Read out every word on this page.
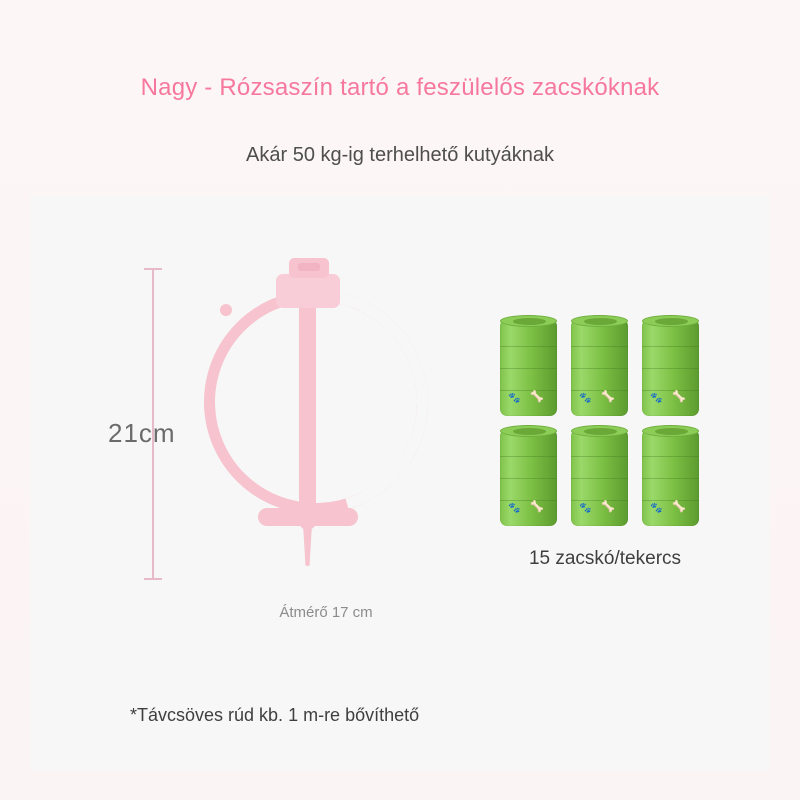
Nagy - Rózsaszín tartó a feszülelős zacskóknak
Akár 50 kg-ig terhelhető kutyáknak
🐾 🦴	🐾 🦴	🐾 🦴
🐾 🦴	🐾 🦴	🐾 🦴
21cm
Átmérő 17 cm
15 zacskó/tekercs
*Távcsöves rúd kb. 1 m-re bővíthető
